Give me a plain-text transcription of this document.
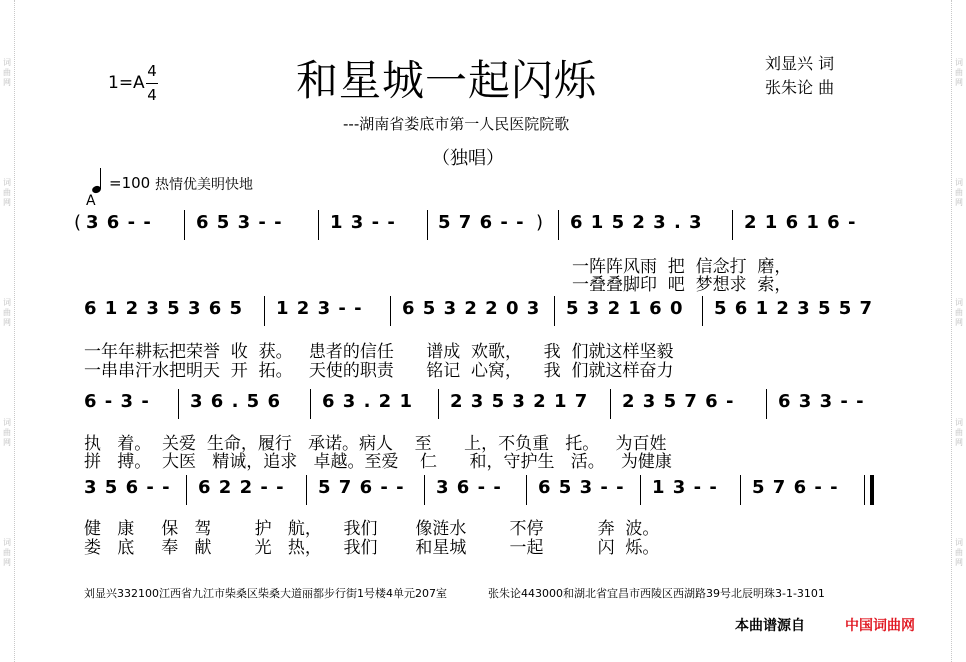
词
曲
网
词
曲
网
词
曲
网
词
曲
网
词
曲
网
词
曲
网
词
曲
网
词
曲
网
词
曲
网
词
曲
网
和星城一起闪烁
---湖南省娄底市第一人民医院院歌
（独唱）
刘显兴 词
张朱论 曲
1=A
4
4
=100
A
热情优美明快地
( 3 6 - - 6 5 3 - -	1 3 - - 5 7 6 - - ) 6 1 5 2 3 . 3 2 1 6 1 6 -
一阵阵风雨  把  信念打  磨，
一叠叠脚印  吧  梦想求  索，
6 1 2 3 5 3 6 5 1 2 3 - - 6 5 3 2 2 0 3 5 3 2 1 6 0 5 6 1 2 3 5 5 7
一年年耕耘把荣誉  收  获。   患者的信任      谱成  欢歌，    我  们就这样坚毅
一串串汗水把明天  开  拓。   天使的职责      铭记  心窝，    我  们就这样奋力
6 - 3 - 3 6 . 5 6 6 3 . 2 1 2 3 5 3 2 1 7 2 3 5 7 6 - 6 3 3 - -
执   着。  关爱  生命，履行   承诺。病人    至      上，不负重   托。   为百姓
拼   搏。  大医   精诚，追求   卓越。至爱    仁      和，守护生   活。   为健康
3 5 6 - - 6 2 2 - - 5 7 6 - - 3 6 - - 6 5 3 - - 1 3 - - 5 7 6 - -
健   康     保   驾        护   航，    我们       像涟水        不停          奔  波。
娄   底     奉   献        光   热，    我们       和星城        一起          闪  烁。
刘显兴332100江西省九江市柴桑区柴桑大道丽都步行街1号楼4单元207室	张朱论443000和湖北省宜昌市西陵区西湖路39号北辰明珠3-1-3101
本曲谱源自	中国词曲网
